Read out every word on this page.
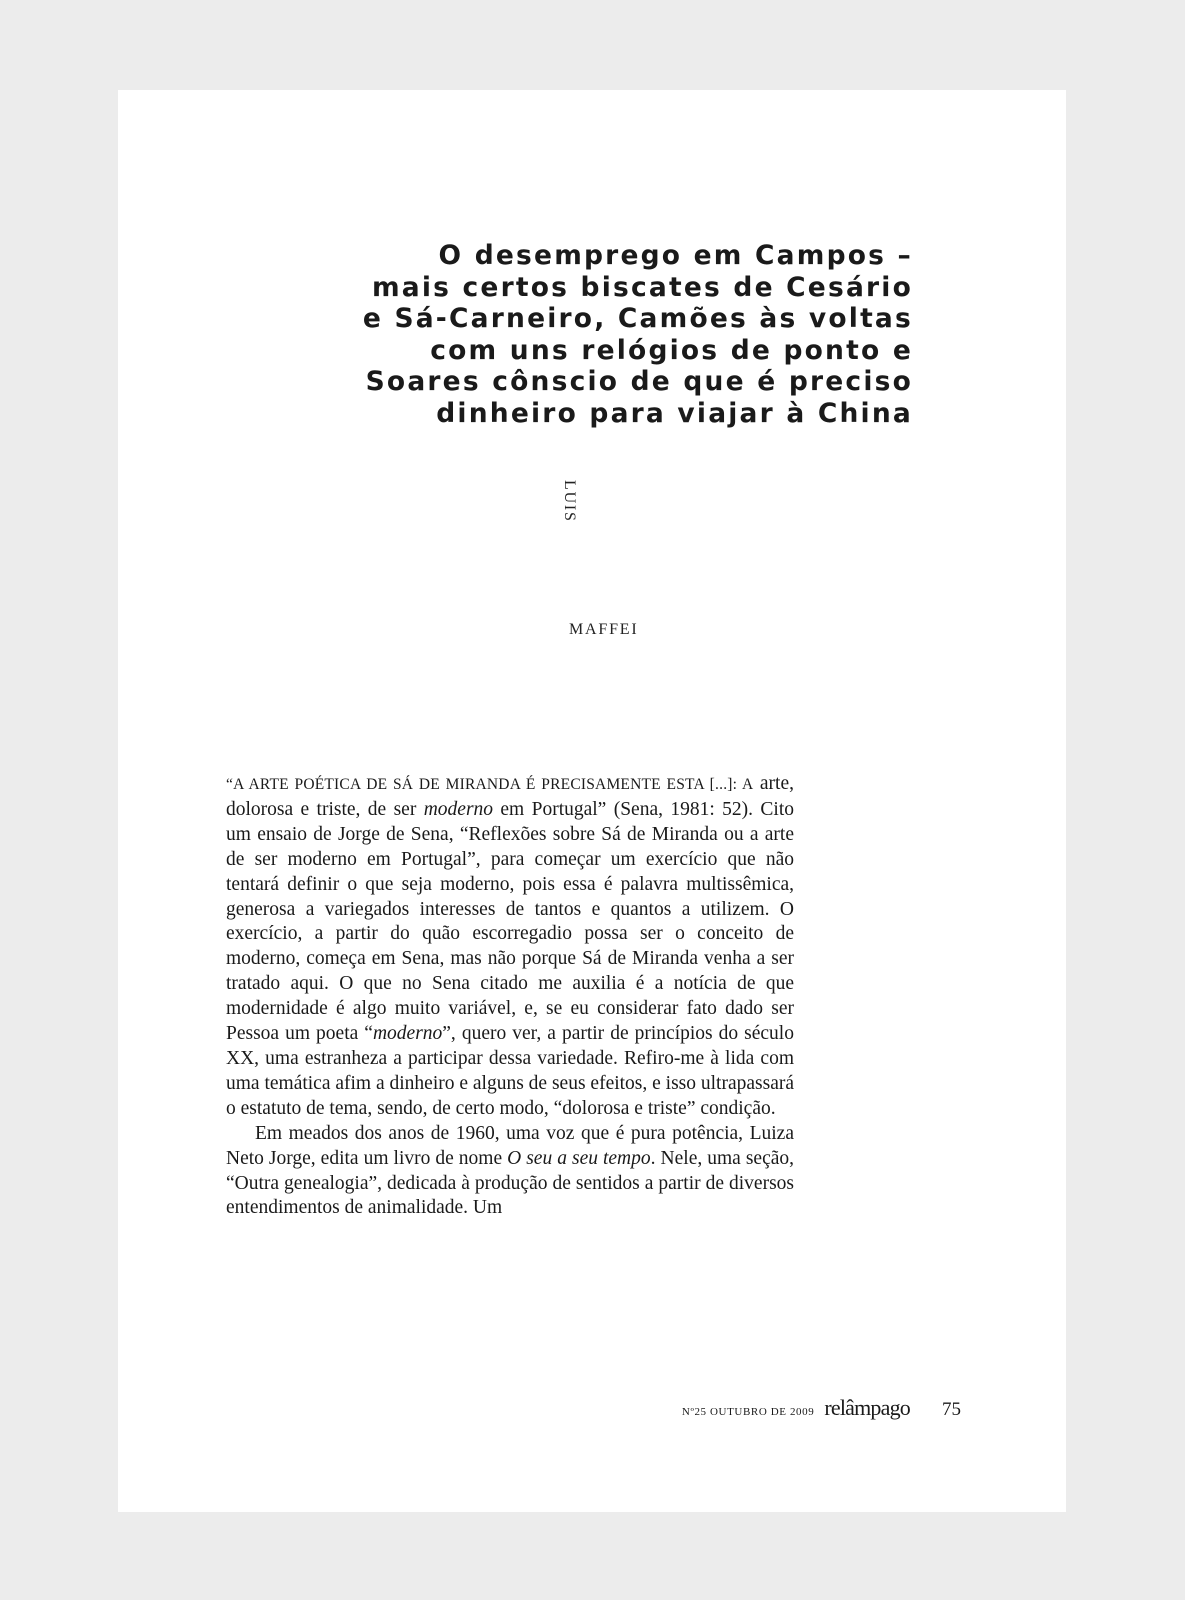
O desemprego em Campos –
mais certos biscates de Cesário
e Sá-Carneiro, Camões às voltas
com uns relógios de ponto e
Soares cônscio de que é preciso
dinheiro para viajar à China
LUIS
MAFFEI

“A ARTE POÉTICA DE SÁ DE MIRANDA É PRECISAMENTE ESTA [...]: A arte, dolorosa e triste, de ser moderno em Portugal” (Sena, 1981: 52). Cito um ensaio de Jorge de Sena, “Reflexões sobre Sá de Miranda ou a arte de ser moderno em Portugal”, para começar um exercício que não tentará definir o que seja moderno, pois essa é palavra multissêmica, generosa a variegados interesses de tantos e quantos a utilizem. O exercício, a partir do quão escorregadio possa ser o conceito de moderno, começa em Sena, mas não porque Sá de Miranda venha a ser tratado aqui. O que no Sena citado me auxilia é a notícia de que modernidade é algo muito variável, e, se eu considerar fato dado ser Pessoa um poeta “moderno”, quero ver, a partir de princípios do século XX, uma estranheza a participar dessa variedade. Refiro-me à lida com uma temática afim a dinheiro e alguns de seus efeitos, e isso ultrapassará o estatuto de tema, sendo, de certo modo, “dolorosa e triste” condição.

Em meados dos anos de 1960, uma voz que é pura potência, Luiza Neto Jorge, edita um livro de nome O seu a seu tempo. Nele, uma seção, “Outra genealogia”, dedicada à produção de sentidos a partir de diversos entendimentos de animalidade. Um

Nº25 OUTUBRO DE 2009 relâmpago 75
